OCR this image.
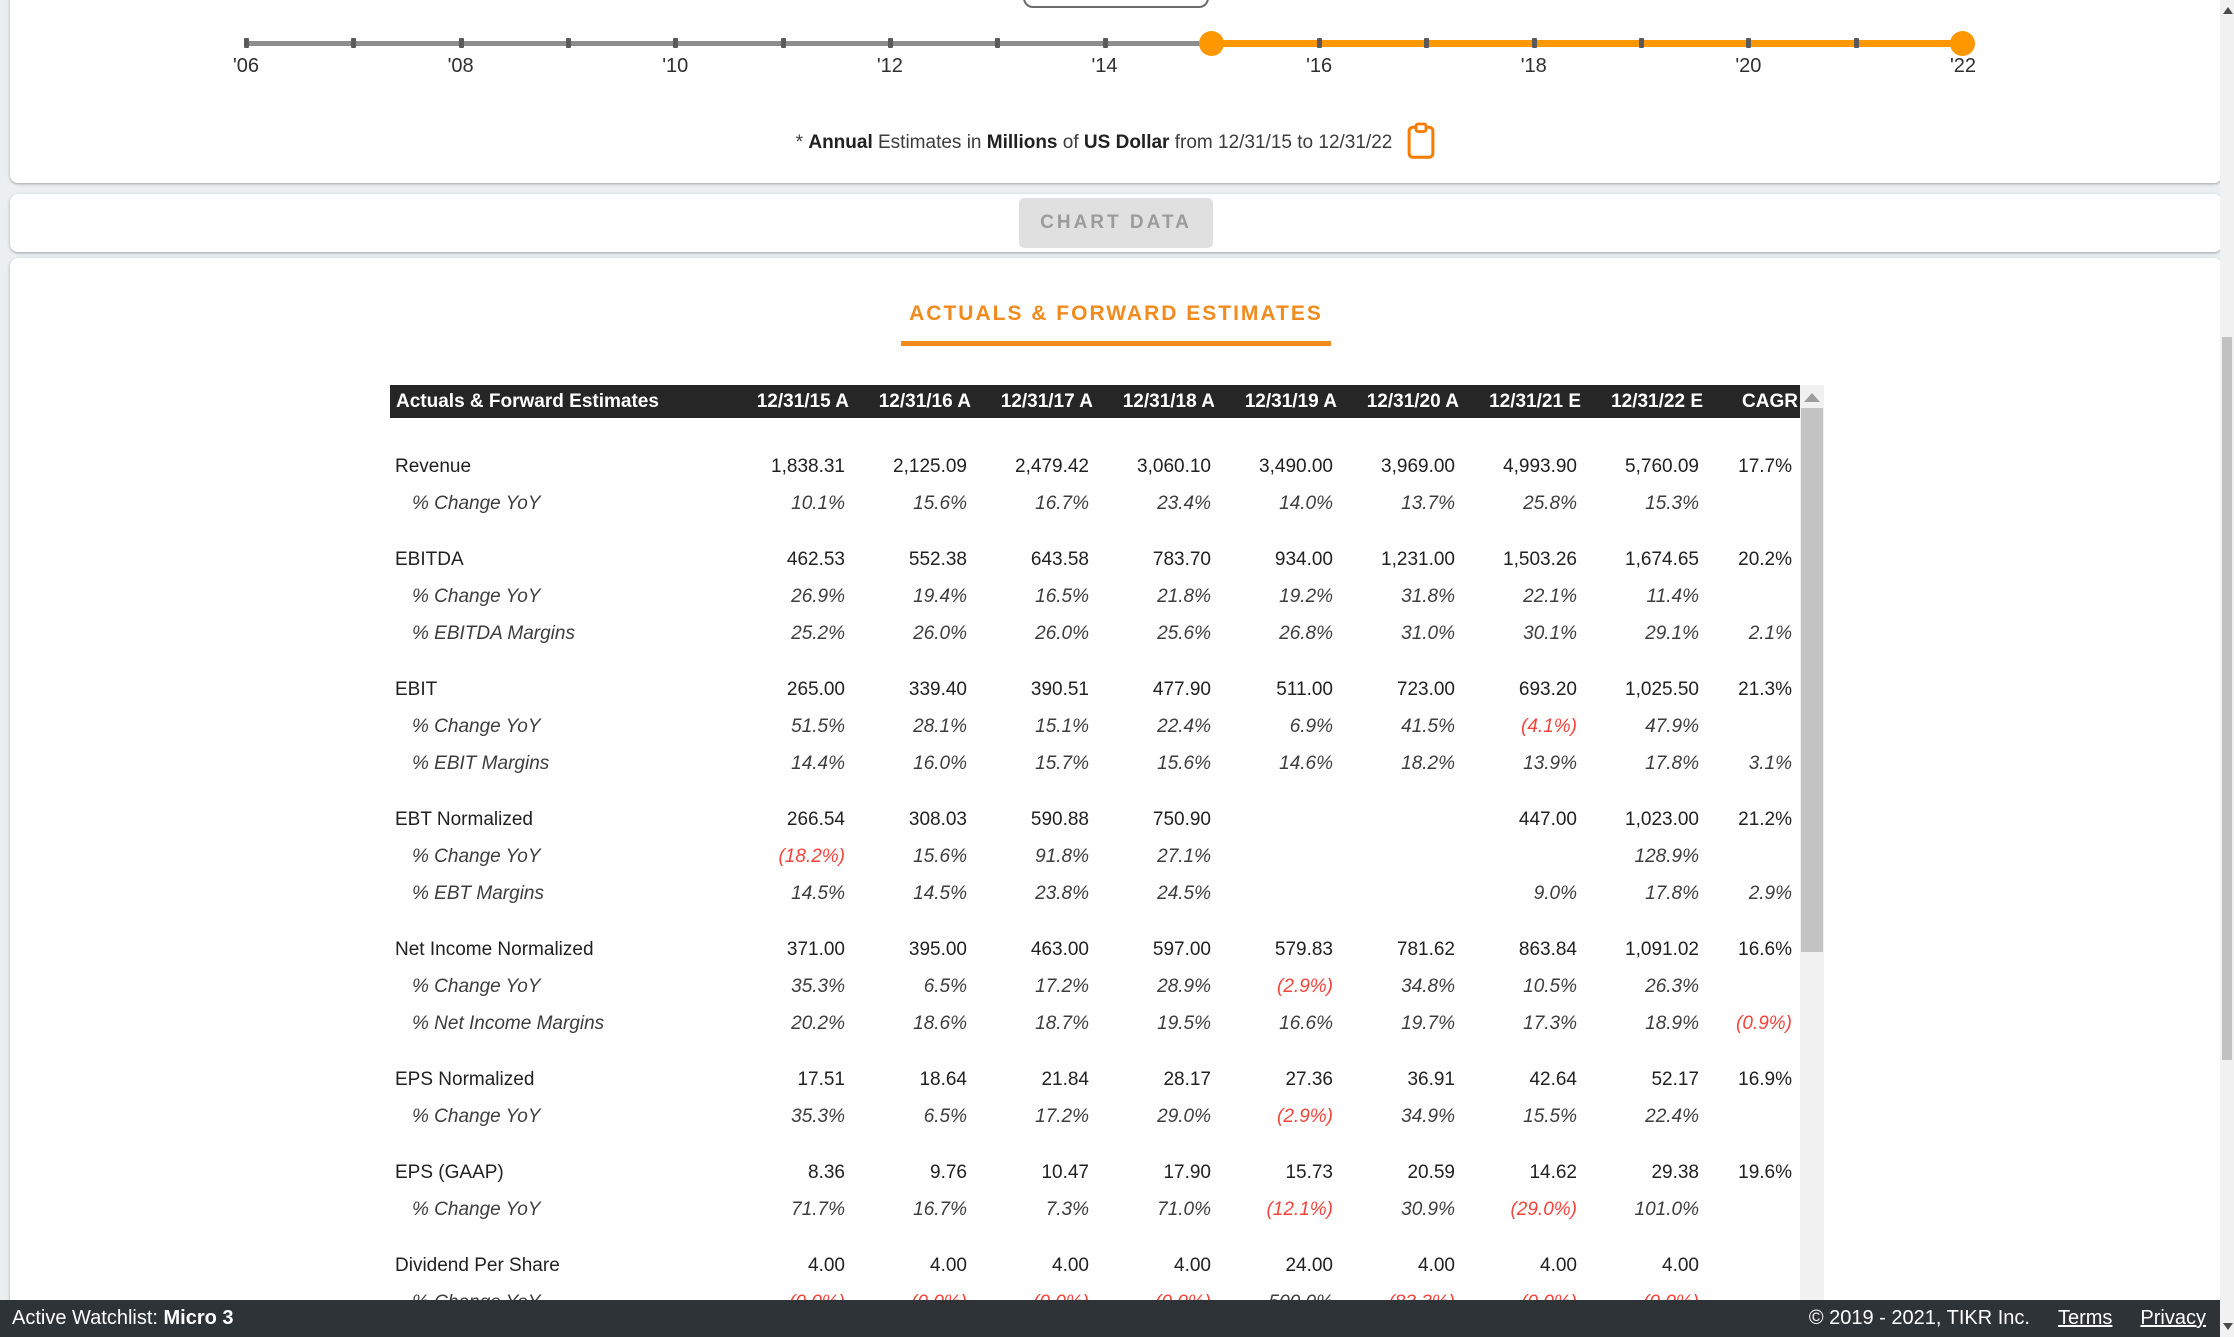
'06	'08	'10	'12	'14	'16	'18	'20	'22
* Annual Estimates in Millions of US Dollar from 12/31/15 to 12/31/22
CHART DATA
ACTUALS & FORWARD ESTIMATES
Actuals & Forward Estimates	12/31/15 A	12/31/16 A	12/31/17 A	12/31/18 A	12/31/19 A	12/31/20 A	12/31/21 E	12/31/22 E	CAGR

Revenue	1,838.31	2,125.09	2,479.42	3,060.10	3,490.00	3,969.00	4,993.90	5,760.09	17.7%
% Change YoY	10.1%	15.6%	16.7%	23.4%	14.0%	13.7%	25.8%	15.3%	

EBITDA	462.53	552.38	643.58	783.70	934.00	1,231.00	1,503.26	1,674.65	20.2%
% Change YoY	26.9%	19.4%	16.5%	21.8%	19.2%	31.8%	22.1%	11.4%	
% EBITDA Margins	25.2%	26.0%	26.0%	25.6%	26.8%	31.0%	30.1%	29.1%	2.1%

EBIT	265.00	339.40	390.51	477.90	511.00	723.00	693.20	1,025.50	21.3%
% Change YoY	51.5%	28.1%	15.1%	22.4%	6.9%	41.5%	(4.1%)	47.9%	
% EBIT Margins	14.4%	16.0%	15.7%	15.6%	14.6%	18.2%	13.9%	17.8%	3.1%

EBT Normalized	266.54	308.03	590.88	750.90			447.00	1,023.00	21.2%
% Change YoY	(18.2%)	15.6%	91.8%	27.1%				128.9%	
% EBT Margins	14.5%	14.5%	23.8%	24.5%			9.0%	17.8%	2.9%

Net Income Normalized	371.00	395.00	463.00	597.00	579.83	781.62	863.84	1,091.02	16.6%
% Change YoY	35.3%	6.5%	17.2%	28.9%	(2.9%)	34.8%	10.5%	26.3%	
% Net Income Margins	20.2%	18.6%	18.7%	19.5%	16.6%	19.7%	17.3%	18.9%	(0.9%)

EPS Normalized	17.51	18.64	21.84	28.17	27.36	36.91	42.64	52.17	16.9%
% Change YoY	35.3%	6.5%	17.2%	29.0%	(2.9%)	34.9%	15.5%	22.4%	

EPS (GAAP)	8.36	9.76	10.47	17.90	15.73	20.59	14.62	29.38	19.6%
% Change YoY	71.7%	16.7%	7.3%	71.0%	(12.1%)	30.9%	(29.0%)	101.0%	

Dividend Per Share	4.00	4.00	4.00	4.00	24.00	4.00	4.00	4.00	

Active Watchlist: Micro 3	© 2019 - 2021, TIKR Inc. Terms Privacy
